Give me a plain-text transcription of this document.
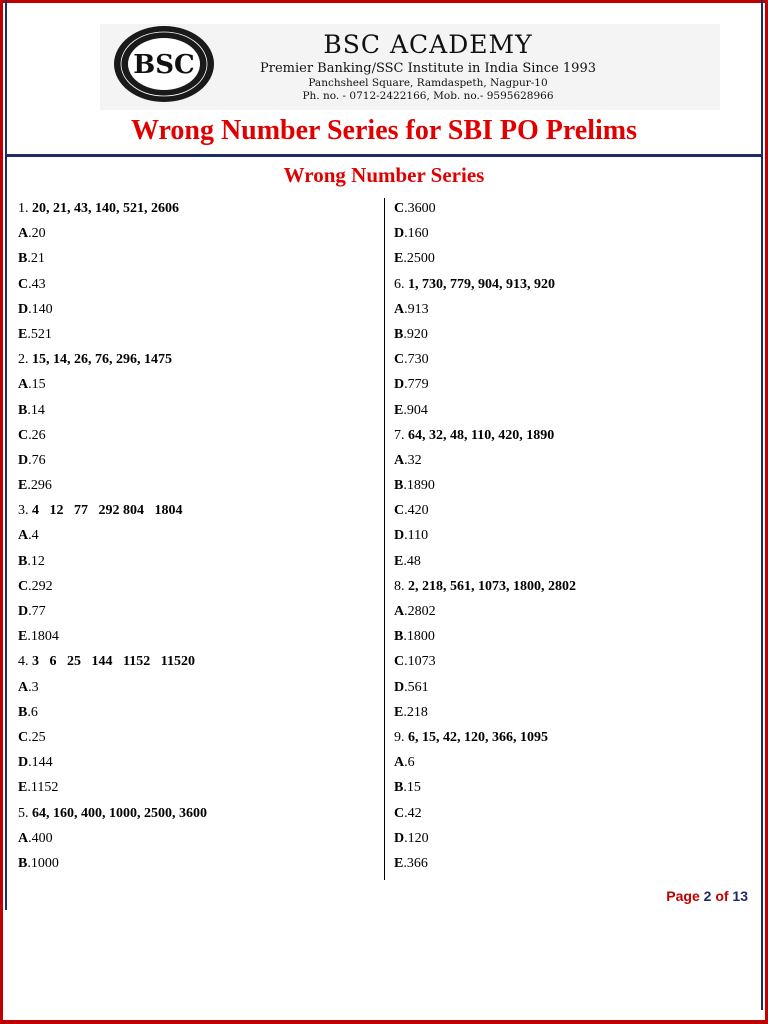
BSC
BSC ACADEMY
Premier Banking/SSC Institute in India Since 1993
Panchsheel Square, Ramdaspeth, Nagpur-10
Ph. no. - 0712-2422166, Mob. no.- 9595628966
Wrong Number Series for SBI PO Prelims
Wrong Number Series
1. 20, 21, 43, 140, 521, 2606
A.20
B.21
C.43
D.140
E.521
2. 15, 14, 26, 76, 296, 1475
A.15
B.14
C.26
D.76
E.296
3. 4   12   77   292 804   1804
A.4
B.12
C.292
D.77
E.1804
4. 3   6   25   144   1152   11520
A.3
B.6
C.25
D.144
E.1152
5. 64, 160, 400, 1000, 2500, 3600
A.400
B.1000
C.3600
D.160
E.2500
6. 1, 730, 779, 904, 913, 920
A.913
B.920
C.730
D.779
E.904
7. 64, 32, 48, 110, 420, 1890
A.32
B.1890
C.420
D.110
E.48
8. 2, 218, 561, 1073, 1800, 2802
A.2802
B.1800
C.1073
D.561
E.218
9. 6, 15, 42, 120, 366, 1095
A.6
B.15
C.42
D.120
E.366
Page 2 of 13
